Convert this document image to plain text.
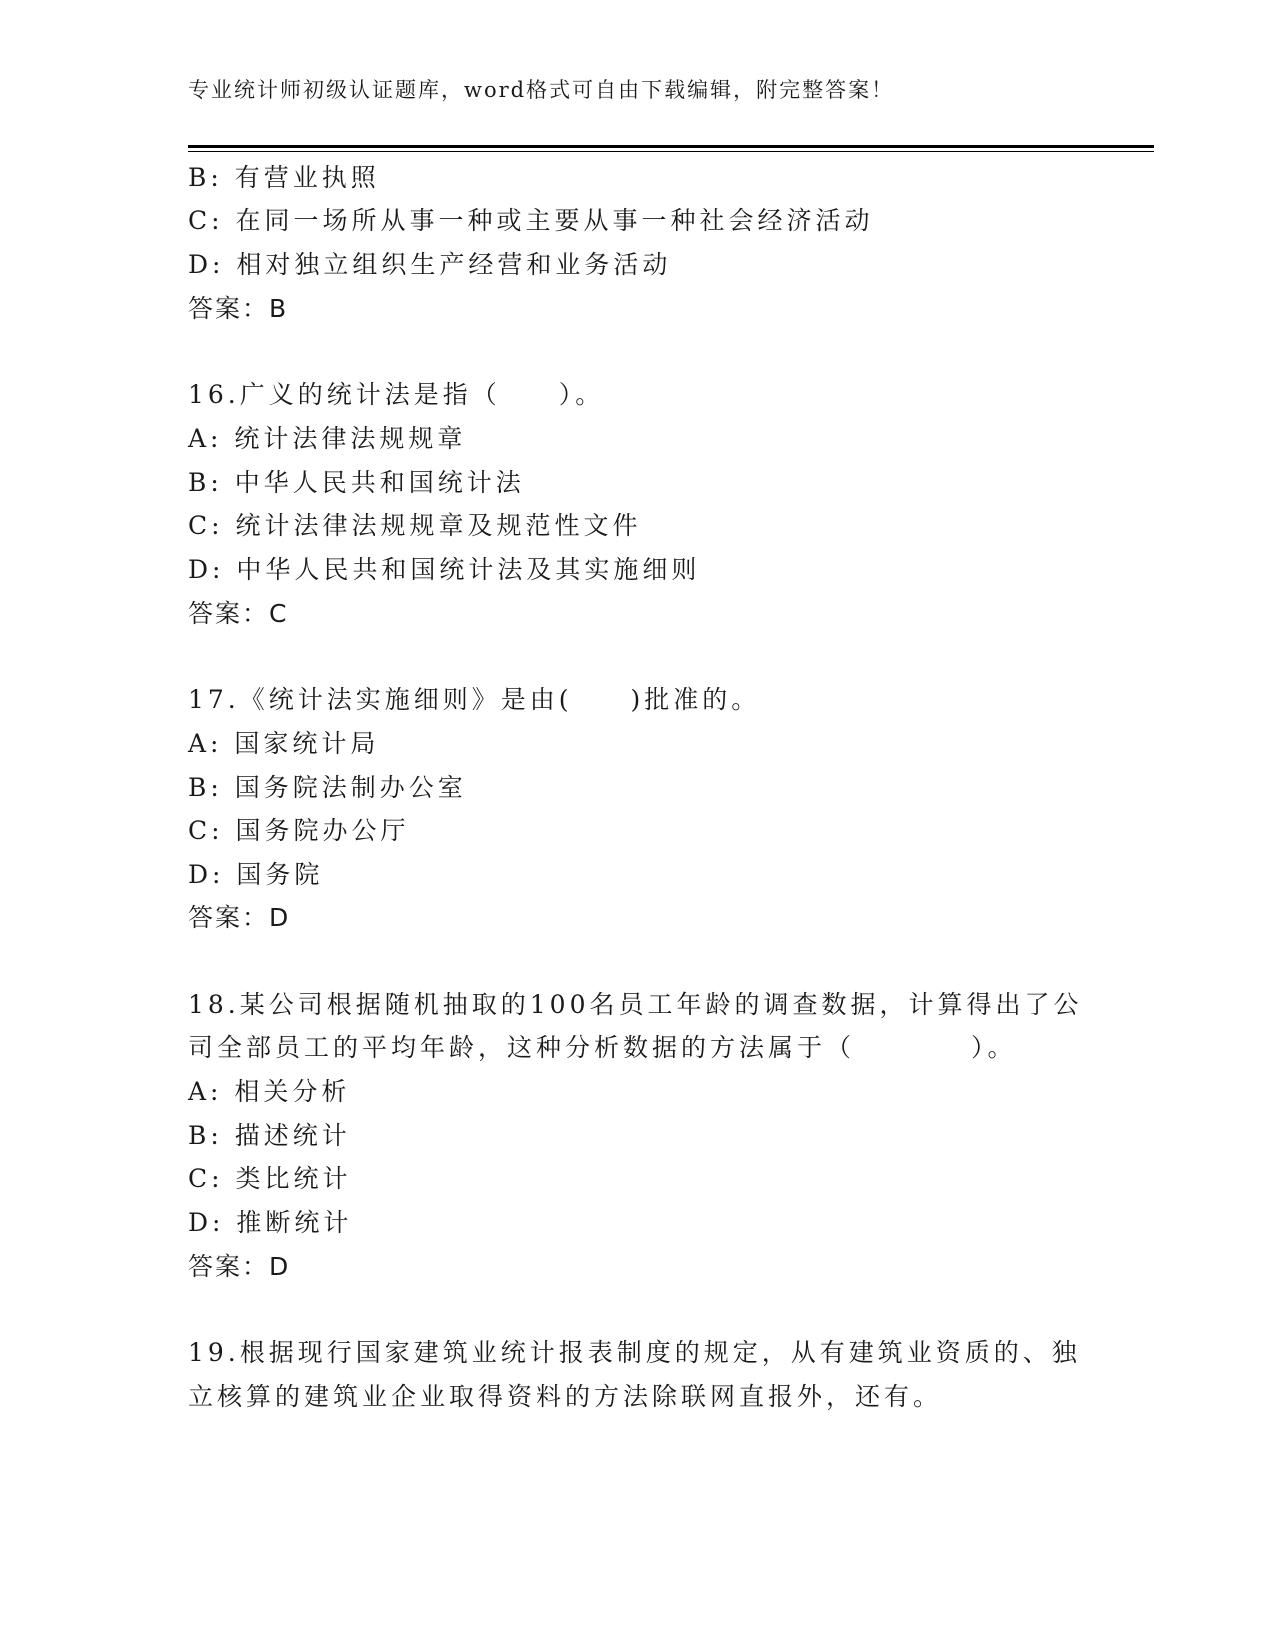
专业统计师初级认证题库，word格式可自由下载编辑，附完整答案！
B: 有营业执照
C: 在同一场所从事一种或主要从事一种社会经济活动
D: 相对独立组织生产经营和业务活动
答案：B
16.广义的统计法是指（　　）。
A: 统计法律法规规章
B: 中华人民共和国统计法
C: 统计法律法规规章及规范性文件
D: 中华人民共和国统计法及其实施细则
答案：C
17.《统计法实施细则》是由(　　)批准的。
A: 国家统计局
B: 国务院法制办公室
C: 国务院办公厅
D: 国务院
答案：D
18.某公司根据随机抽取的100名员工年龄的调查数据，计算得出了公
司全部员工的平均年龄，这种分析数据的方法属于（　　　　）。
A: 相关分析
B: 描述统计
C: 类比统计
D: 推断统计
答案：D
19.根据现行国家建筑业统计报表制度的规定，从有建筑业资质的、独
立核算的建筑业企业取得资料的方法除联网直报外，还有。
